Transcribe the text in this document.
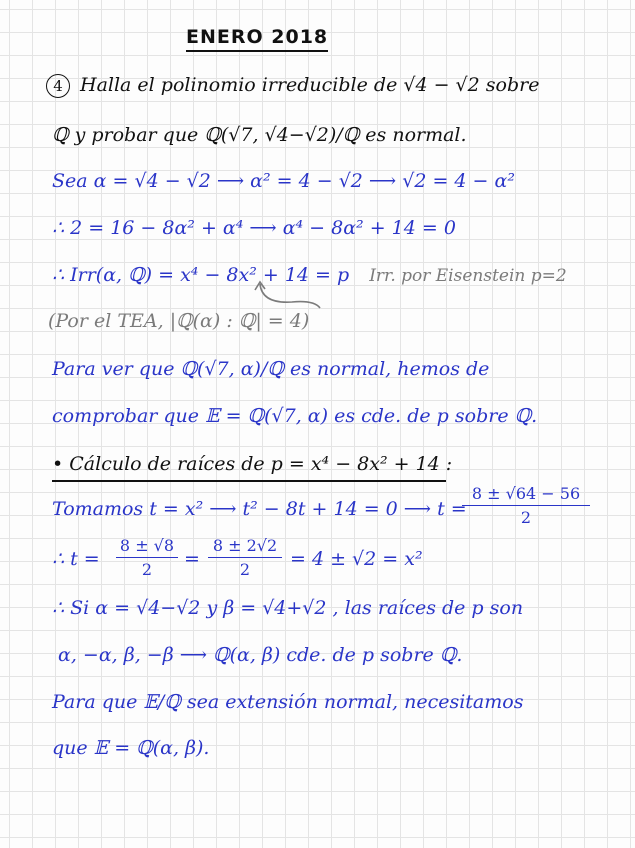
ENERO 2018
4 Halla el polinomio irreducible de √4 − √2 sobre
ℚ y probar que ℚ(√7, √4−√2)/ℚ es normal.
Sea α = √4 − √2 ⟶ α² = 4 − √2 ⟶ √2 = 4 − α²
∴ 2 = 16 − 8α² + α⁴ ⟶ α⁴ − 8α² + 14 = 0
∴ Irr(α, ℚ) = x⁴ − 8x² + 14 = p Irr. por Eisenstein p=2
(Por el TEA, |ℚ(α) : ℚ| = 4)
Para ver que ℚ(√7, α)/ℚ es normal, hemos de
comprobar que 𝔼 = ℚ(√7, α) es cde. de p sobre ℚ.
• Cálculo de raíces de p = x⁴ − 8x² + 14 :
Tomamos t = x² ⟶ t² − 8t + 14 = 0 ⟶ t =
8 ± √64 − 56
2
∴ t =
8 ± √8
2	=
8 ± 2√2
2	= 4 ± √2 = x²
∴ Si α = √4−√2 y β = √4+√2 , las raíces de p son
α, −α, β, −β ⟶ ℚ(α, β) cde. de p sobre ℚ.
Para que 𝔼/ℚ sea extensión normal, necesitamos
que 𝔼 = ℚ(α, β).
